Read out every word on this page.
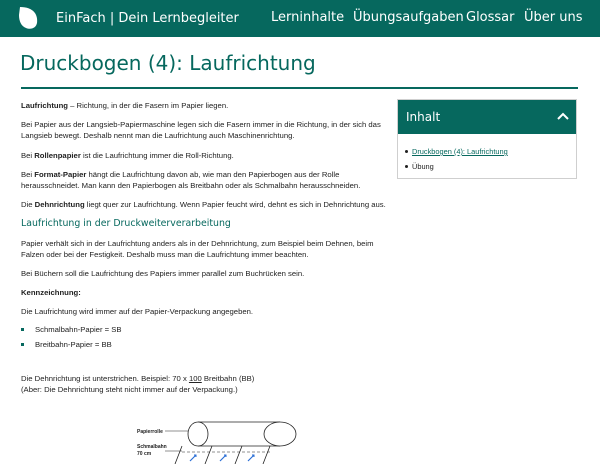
EinFach | Dein Lernbegleiter Lerninhalte Übungsaufgaben Glossar Über uns
Druckbogen (4): Laufrichtung

Laufrichtung – Richtung, in der die Fasern im Papier liegen.

Bei Papier aus der Langsieb-Papiermaschine legen sich die Fasern immer in die Richtung, in der sich das Langsieb bewegt. Deshalb nennt man die Laufrichtung auch Maschinenrichtung.

Bei Rollenpapier ist die Laufrichtung immer die Roll-Richtung.

Bei Format-Papier hängt die Laufrichtung davon ab, wie man den Papierbogen aus der Rolle herausschneidet. Man kann den Papierbogen als Breitbahn oder als Schmalbahn herausschneiden.

Die Dehnrichtung liegt quer zur Laufrichtung. Wenn Papier feucht wird, dehnt es sich in Dehnrichtung aus.

Laufrichtung in der Druckweiterverarbeitung

Papier verhält sich in der Laufrichtung anders als in der Dehnrichtung, zum Beispiel beim Dehnen, beim Falzen oder bei der Festigkeit. Deshalb muss man die Laufrichtung immer beachten.

Bei Büchern soll die Laufrichtung des Papiers immer parallel zum Buchrücken sein.

Kennzeichnung:

Die Laufrichtung wird immer auf der Papier-Verpackung angegeben.

Schmalbahn-Papier = SB
Breitbahn-Papier = BB

Die Dehnrichtung ist unterstrichen. Beispiel: 70 x 100 Breitbahn (BB)
(Aber: Die Dehnrichtung steht nicht immer auf der Verpackung.)

Inhalt
Druckbogen (4): Laufrichtung
Übung
Papierrolle
Schmalbahn
70 cm
